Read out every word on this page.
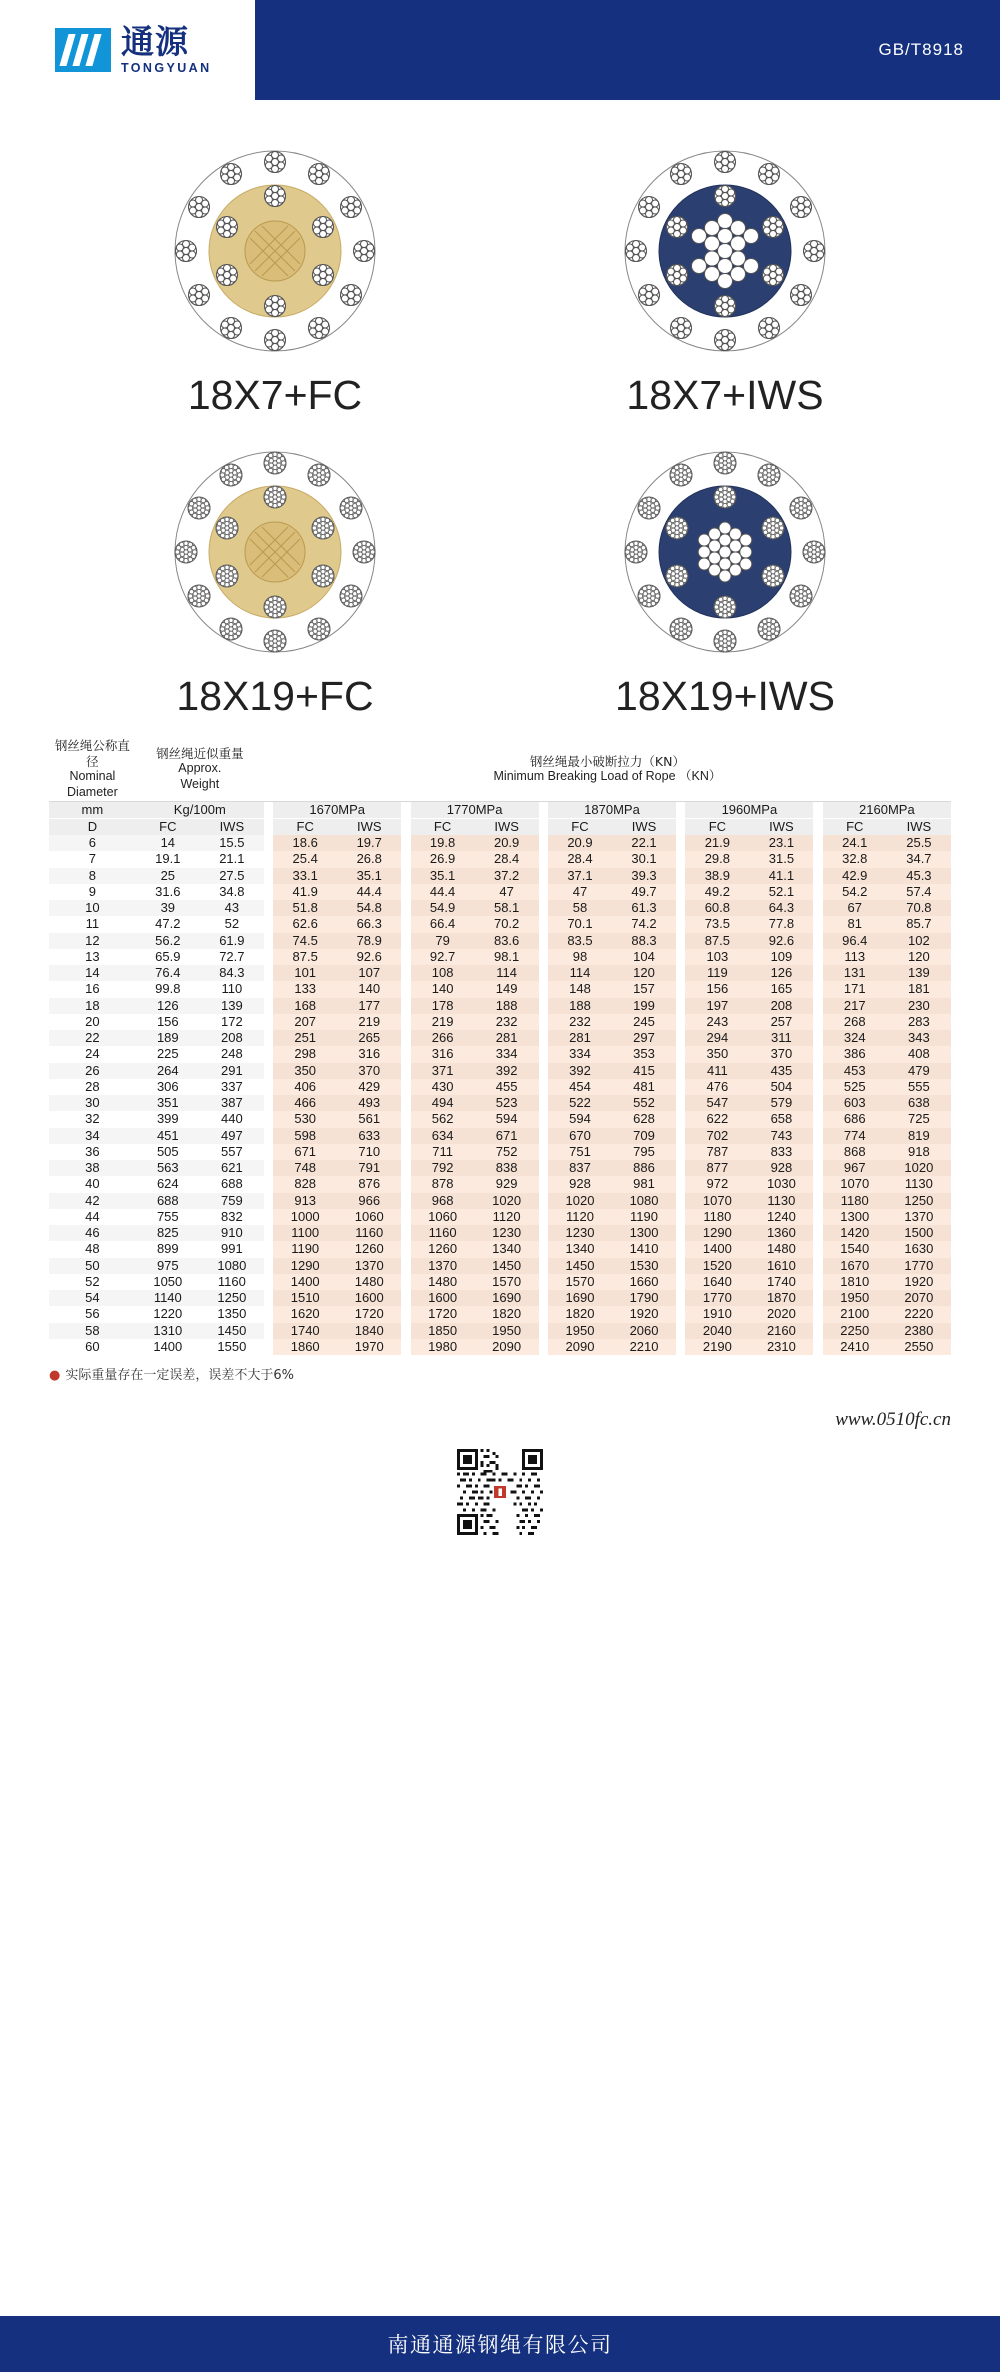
通源
TONGYUAN
GB/T8918
18X7+FC	18X7+IWS
18X19+FC	18X19+IWS
钢丝绳公称直径
Nominal
Diameter	钢丝绳近似重量
Approx.
Weight		钢丝绳最小破断拉力（KN）
Minimum Breaking Load of Rope （KN）														

mm	Kg/100m			1670MPa			1770MPa			1870MPa			1960MPa			2160MPa	
D	FC	IWS		FC	IWS		FC	IWS		FC	IWS		FC	IWS		FC	IWS
6	14	15.5		18.6	19.7		19.8	20.9		20.9	22.1		21.9	23.1		24.1	25.5
7	19.1	21.1		25.4	26.8		26.9	28.4		28.4	30.1		29.8	31.5		32.8	34.7
8	25	27.5		33.1	35.1		35.1	37.2		37.1	39.3		38.9	41.1		42.9	45.3
9	31.6	34.8		41.9	44.4		44.4	47		47	49.7		49.2	52.1		54.2	57.4
10	39	43		51.8	54.8		54.9	58.1		58	61.3		60.8	64.3		67	70.8
11	47.2	52		62.6	66.3		66.4	70.2		70.1	74.2		73.5	77.8		81	85.7
12	56.2	61.9		74.5	78.9		79	83.6		83.5	88.3		87.5	92.6		96.4	102
13	65.9	72.7		87.5	92.6		92.7	98.1		98	104		103	109		113	120
14	76.4	84.3		101	107		108	114		114	120		119	126		131	139
16	99.8	110		133	140		140	149		148	157		156	165		171	181
18	126	139		168	177		178	188		188	199		197	208		217	230
20	156	172		207	219		219	232		232	245		243	257		268	283
22	189	208		251	265		266	281		281	297		294	311		324	343
24	225	248		298	316		316	334		334	353		350	370		386	408
26	264	291		350	370		371	392		392	415		411	435		453	479
28	306	337		406	429		430	455		454	481		476	504		525	555
30	351	387		466	493		494	523		522	552		547	579		603	638
32	399	440		530	561		562	594		594	628		622	658		686	725
34	451	497		598	633		634	671		670	709		702	743		774	819
36	505	557		671	710		711	752		751	795		787	833		868	918
38	563	621		748	791		792	838		837	886		877	928		967	1020
40	624	688		828	876		878	929		928	981		972	1030		1070	1130
42	688	759		913	966		968	1020		1020	1080		1070	1130		1180	1250
44	755	832		1000	1060		1060	1120		1120	1190		1180	1240		1300	1370
46	825	910		1100	1160		1160	1230		1230	1300		1290	1360		1420	1500
48	899	991		1190	1260		1260	1340		1340	1410		1400	1480		1540	1630
50	975	1080		1290	1370		1370	1450		1450	1530		1520	1610		1670	1770
52	1050	1160		1400	1480		1480	1570		1570	1660		1640	1740		1810	1920
54	1140	1250		1510	1600		1600	1690		1690	1790		1770	1870		1950	2070
56	1220	1350		1620	1720		1720	1820		1820	1920		1910	2020		2100	2220
58	1310	1450		1740	1840		1850	1950		1950	2060		2040	2160		2250	2380
60	1400	1550		1860	1970		1980	2090		2090	2210		2190	2310		2410	2550
● 实际重量存在一定误差，误差不大于6%
www.0510fc.cn
南通通源钢绳有限公司
